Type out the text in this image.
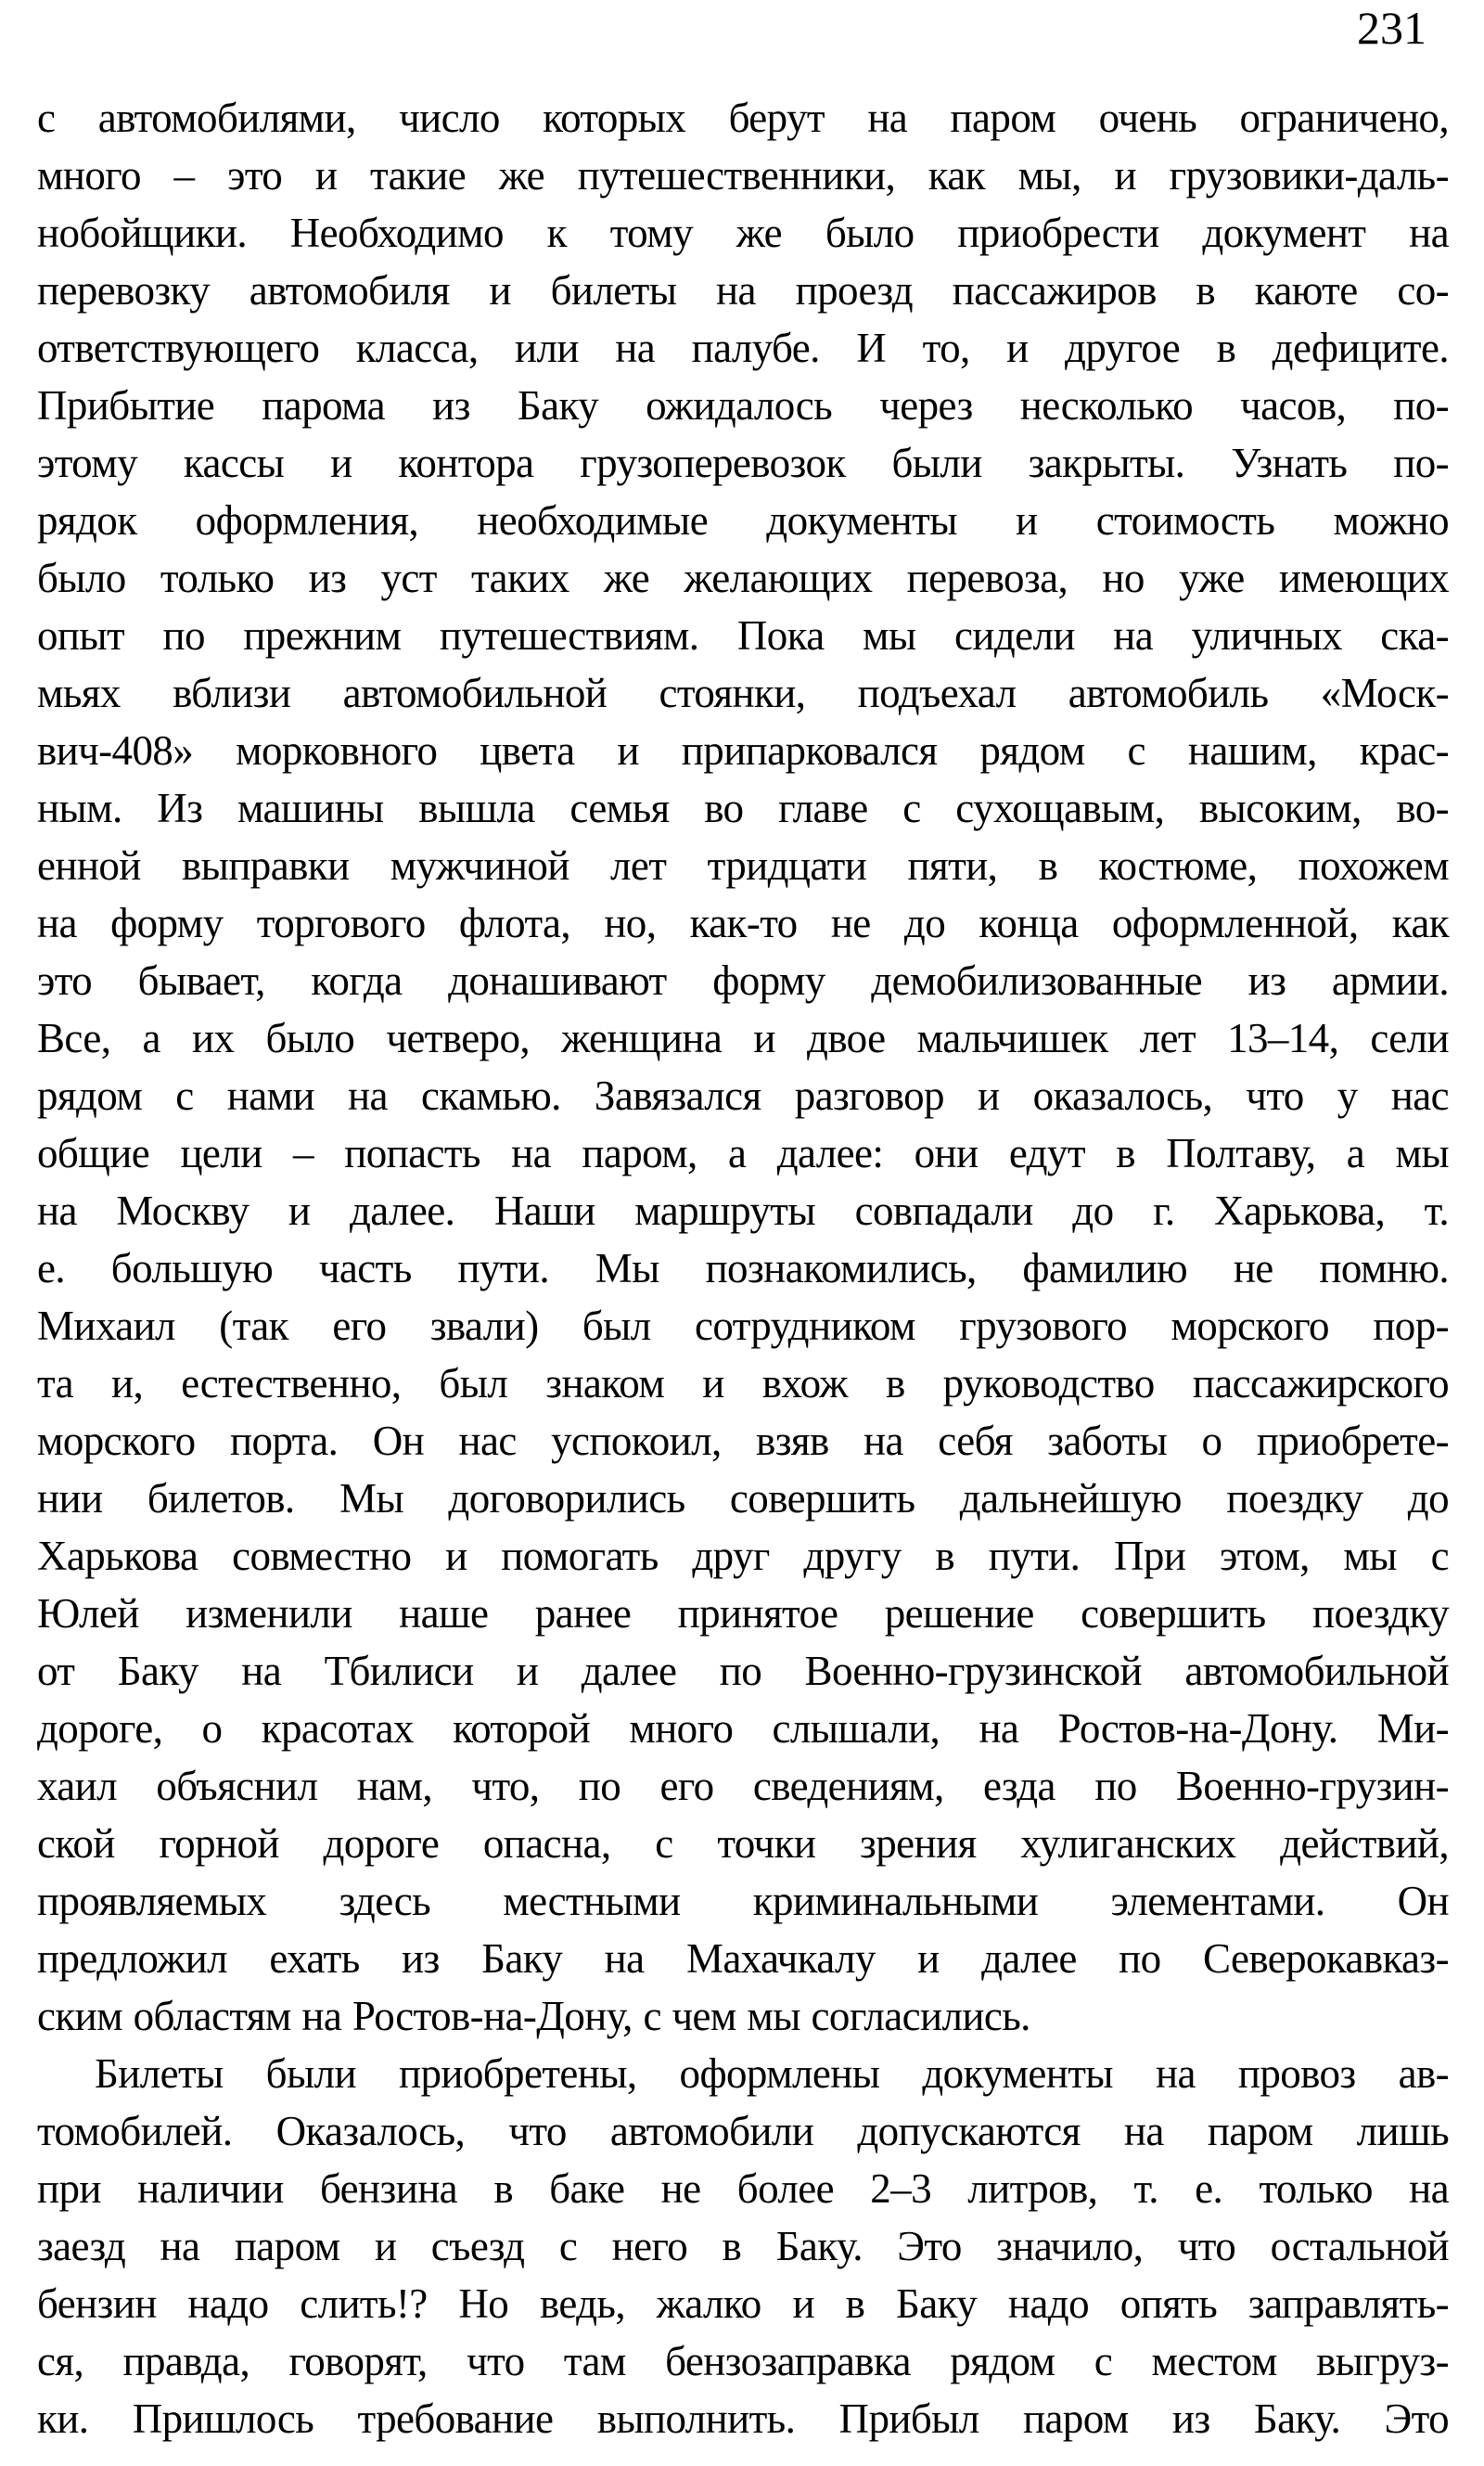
231
с автомобилями, число которых берут на паром очень ограничено,
много – это и такие же путешественники, как мы, и грузовики-даль-
нобойщики. Необходимо к тому же было приобрести документ на
перевозку автомобиля и билеты на проезд пассажиров в каюте со-
ответствующего класса, или на палубе. И то, и другое в дефиците.
Прибытие парома из Баку ожидалось через несколько часов, по-
этому кассы и контора грузоперевозок были закрыты. Узнать по-
рядок оформления, необходимые документы и стоимость можно
было только из уст таких же желающих перевоза, но уже имеющих
опыт по прежним путешествиям. Пока мы сидели на уличных ска-
мьях вблизи автомобильной стоянки, подъехал автомобиль «Моск-
вич-408» морковного цвета и припарковался рядом с нашим, крас-
ным. Из машины вышла семья во главе с сухощавым, высоким, во-
енной выправки мужчиной лет тридцати пяти, в костюме, похожем
на форму торгового флота, но, как-то не до конца оформленной, как
это бывает, когда донашивают форму демобилизованные из армии.
Все, а их было четверо, женщина и двое мальчишек лет 13–14, сели
рядом с нами на скамью. Завязался разговор и оказалось, что у нас
общие цели – попасть на паром, а далее: они едут в Полтаву, а мы
на Москву и далее. Наши маршруты совпадали до г. Харькова, т.
е. большую часть пути. Мы познакомились, фамилию не помню.
Михаил (так его звали) был сотрудником грузового морского пор-
та и, естественно, был знаком и вхож в руководство пассажирского
морского порта. Он нас успокоил, взяв на себя заботы о приобрете-
нии билетов. Мы договорились совершить дальнейшую поездку до
Харькова совместно и помогать друг другу в пути. При этом, мы с
Юлей изменили наше ранее принятое решение совершить поездку
от Баку на Тбилиси и далее по Военно-грузинской автомобильной
дороге, о красотах которой много слышали, на Ростов-на-Дону. Ми-
хаил объяснил нам, что, по его сведениям, езда по Военно-грузин-
ской горной дороге опасна, с точки зрения хулиганских действий,
проявляемых здесь местными криминальными элементами. Он
предложил ехать из Баку на Махачкалу и далее по Северокавказ-
ским областям на Ростов-на-Дону, с чем мы согласились.
Билеты были приобретены, оформлены документы на провоз ав-
томобилей. Оказалось, что автомобили допускаются на паром лишь
при наличии бензина в баке не более 2–3 литров, т. е. только на
заезд на паром и съезд с него в Баку. Это значило, что остальной
бензин надо слить!? Но ведь, жалко и в Баку надо опять заправлять-
ся, правда, говорят, что там бензозаправка рядом с местом выгруз-
ки. Пришлось требование выполнить. Прибыл паром из Баку. Это
